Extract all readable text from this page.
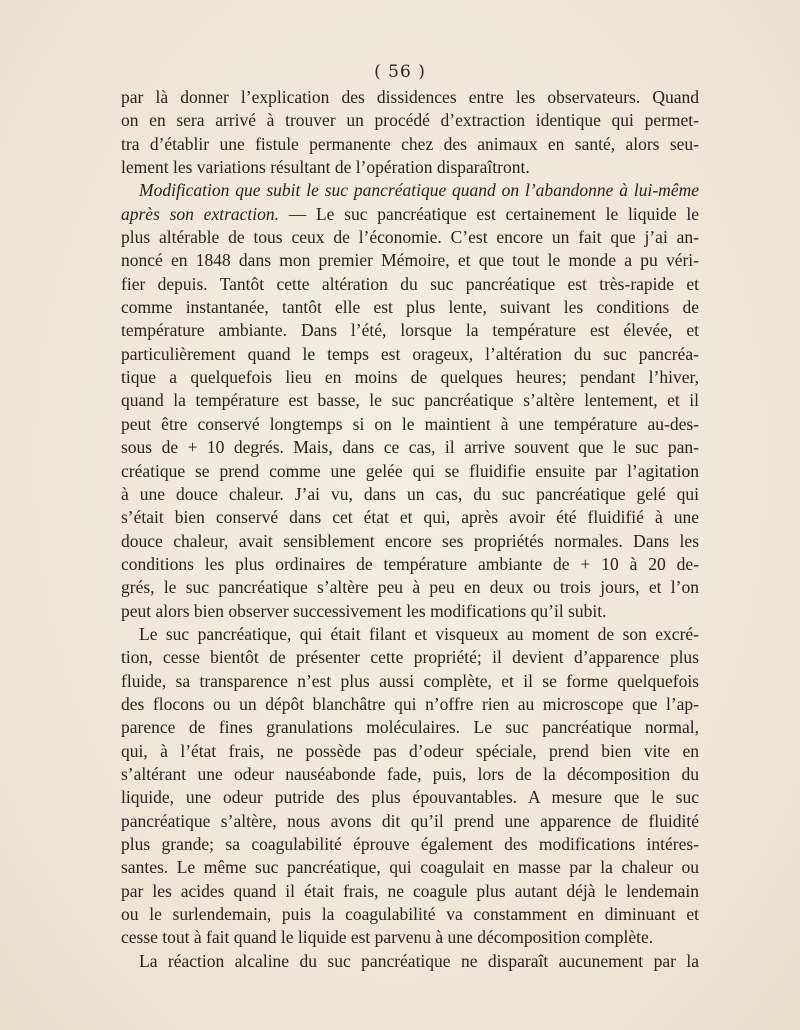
( 56 )
par là donner l’explication des dissidences entre les observateurs. Quand
on en sera arrivé à trouver un procédé d’extraction identique qui permet-
tra d’établir une fistule permanente chez des animaux en santé, alors seu-
lement les variations résultant de l’opération disparaîtront.
Modification que subit le suc pancréatique quand on l’abandonne à lui-même
après son extraction. — Le suc pancréatique est certainement le liquide le
plus altérable de tous ceux de l’économie. C’est encore un fait que j’ai an-
noncé en 1848 dans mon premier Mémoire, et que tout le monde a pu véri-
fier depuis. Tantôt cette altération du suc pancréatique est très-rapide et
comme instantanée, tantôt elle est plus lente, suivant les conditions de
température ambiante. Dans l’été, lorsque la température est élevée, et
particulièrement quand le temps est orageux, l’altération du suc pancréa-
tique a quelquefois lieu en moins de quelques heures; pendant l’hiver,
quand la température est basse, le suc pancréatique s’altère lentement, et il
peut être conservé longtemps si on le maintient à une température au-des-
sous de + 10 degrés. Mais, dans ce cas, il arrive souvent que le suc pan-
créatique se prend comme une gelée qui se fluidifie ensuite par l’agitation
à une douce chaleur. J’ai vu, dans un cas, du suc pancréatique gelé qui
s’était bien conservé dans cet état et qui, après avoir été fluidifié à une
douce chaleur, avait sensiblement encore ses propriétés normales. Dans les
conditions les plus ordinaires de température ambiante de + 10 à 20 de-
grés, le suc pancréatique s’altère peu à peu en deux ou trois jours, et l’on
peut alors bien observer successivement les modifications qu’il subit.
Le suc pancréatique, qui était filant et visqueux au moment de son excré-
tion, cesse bientôt de présenter cette propriété; il devient d’apparence plus
fluide, sa transparence n’est plus aussi complète, et il se forme quelquefois
des flocons ou un dépôt blanchâtre qui n’offre rien au microscope que l’ap-
parence de fines granulations moléculaires. Le suc pancréatique normal,
qui, à l’état frais, ne possède pas d’odeur spéciale, prend bien vite en
s’altérant une odeur nauséabonde fade, puis, lors de la décomposition du
liquide, une odeur putride des plus épouvantables. A mesure que le suc
pancréatique s’altère, nous avons dit qu’il prend une apparence de fluidité
plus grande; sa coagulabilité éprouve également des modifications intéres-
santes. Le même suc pancréatique, qui coagulait en masse par la chaleur ou
par les acides quand il était frais, ne coagule plus autant déjà le lendemain
ou le surlendemain, puis la coagulabilité va constamment en diminuant et
cesse tout à fait quand le liquide est parvenu à une décomposition complète.
La réaction alcaline du suc pancréatique ne disparaît aucunement par la
